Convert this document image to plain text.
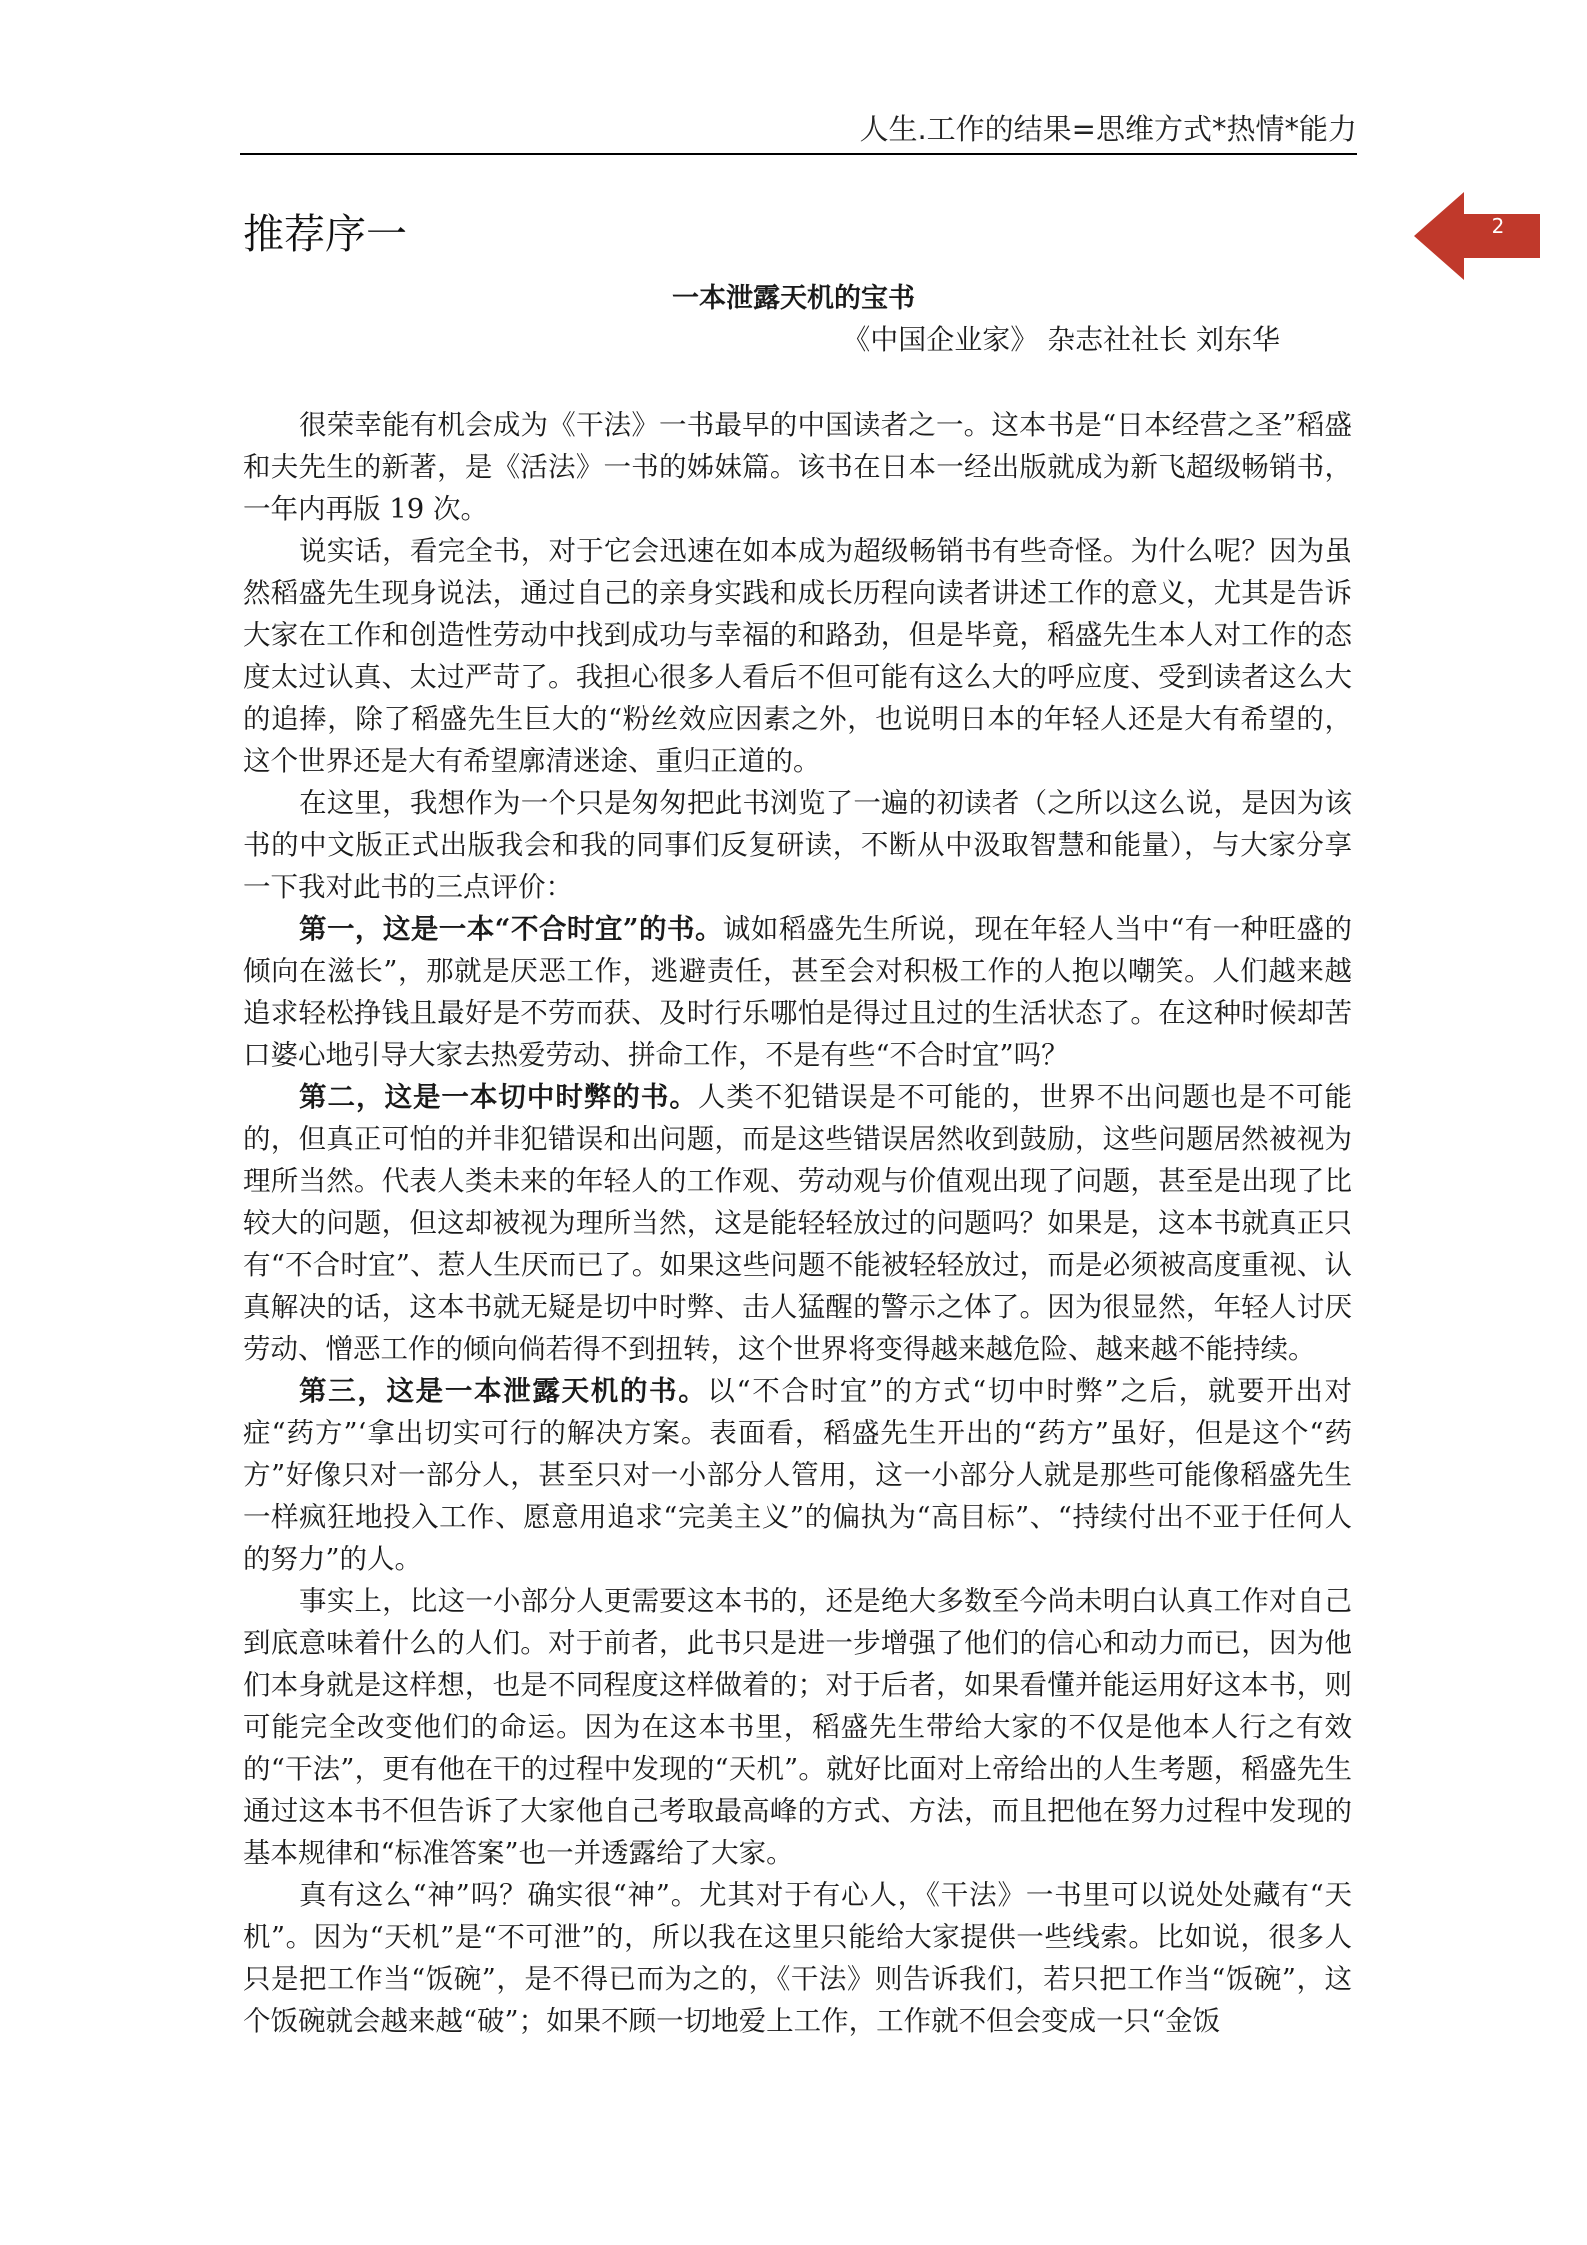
人生.工作的结果=思维方式*热情*能力
2
推荐序一
一本泄露天机的宝书
《中国企业家》 杂志社社长 刘东华

很荣幸能有机会成为《干法》一书最早的中国读者之一。这本书是“日本经营之圣”稻盛和夫先生的新著，是《活法》一书的姊妹篇。该书在日本一经出版就成为新飞超级畅销书，一年内再版 19 次。

说实话，看完全书，对于它会迅速在如本成为超级畅销书有些奇怪。为什么呢？因为虽然稻盛先生现身说法，通过自己的亲身实践和成长历程向读者讲述工作的意义，尤其是告诉大家在工作和创造性劳动中找到成功与幸福的和路劲，但是毕竟，稻盛先生本人对工作的态度太过认真、太过严苛了。我担心很多人看后不但可能有这么大的呼应度、受到读者这么大的追捧，除了稻盛先生巨大的“粉丝效应因素之外，也说明日本的年轻人还是大有希望的，这个世界还是大有希望廓清迷途、重归正道的。

在这里，我想作为一个只是匆匆把此书浏览了一遍的初读者（之所以这么说，是因为该书的中文版正式出版我会和我的同事们反复研读，不断从中汲取智慧和能量），与大家分享一下我对此书的三点评价：

第一，这是一本“不合时宜”的书。诚如稻盛先生所说，现在年轻人当中“有一种旺盛的倾向在滋长”，那就是厌恶工作，逃避责任，甚至会对积极工作的人抱以嘲笑。人们越来越追求轻松挣钱且最好是不劳而获、及时行乐哪怕是得过且过的生活状态了。在这种时候却苦口婆心地引导大家去热爱劳动、拼命工作，不是有些“不合时宜”吗？

第二，这是一本切中时弊的书。人类不犯错误是不可能的，世界不出问题也是不可能的，但真正可怕的并非犯错误和出问题，而是这些错误居然收到鼓励，这些问题居然被视为理所当然。代表人类未来的年轻人的工作观、劳动观与价值观出现了问题，甚至是出现了比较大的问题，但这却被视为理所当然，这是能轻轻放过的问题吗？如果是，这本书就真正只有“不合时宜”、惹人生厌而已了。如果这些问题不能被轻轻放过，而是必须被高度重视、认真解决的话，这本书就无疑是切中时弊、击人猛醒的警示之体了。因为很显然，年轻人讨厌劳动、憎恶工作的倾向倘若得不到扭转，这个世界将变得越来越危险、越来越不能持续。

第三，这是一本泄露天机的书。以“不合时宜”的方式“切中时弊”之后，就要开出对症“药方”‘拿出切实可行的解决方案。表面看，稻盛先生开出的“药方”虽好，但是这个“药方”好像只对一部分人，甚至只对一小部分人管用，这一小部分人就是那些可能像稻盛先生一样疯狂地投入工作、愿意用追求“完美主义”的偏执为“高目标”、“持续付出不亚于任何人的努力”的人。

事实上，比这一小部分人更需要这本书的，还是绝大多数至今尚未明白认真工作对自己到底意味着什么的人们。对于前者，此书只是进一步增强了他们的信心和动力而已，因为他们本身就是这样想，也是不同程度这样做着的；对于后者，如果看懂并能运用好这本书，则可能完全改变他们的命运。因为在这本书里，稻盛先生带给大家的不仅是他本人行之有效的“干法”，更有他在干的过程中发现的“天机”。就好比面对上帝给出的人生考题，稻盛先生通过这本书不但告诉了大家他自己考取最高峰的方式、方法，而且把他在努力过程中发现的基本规律和“标准答案”也一并透露给了大家。

真有这么“神”吗？确实很“神”。尤其对于有心人，《干法》一书里可以说处处藏有“天机”。因为“天机”是“不可泄”的，所以我在这里只能给大家提供一些线索。比如说，很多人只是把工作当“饭碗”，是不得已而为之的，《干法》则告诉我们，若只把工作当“饭碗”，这个饭碗就会越来越“破”；如果不顾一切地爱上工作，工作就不但会变成一只“金饭
